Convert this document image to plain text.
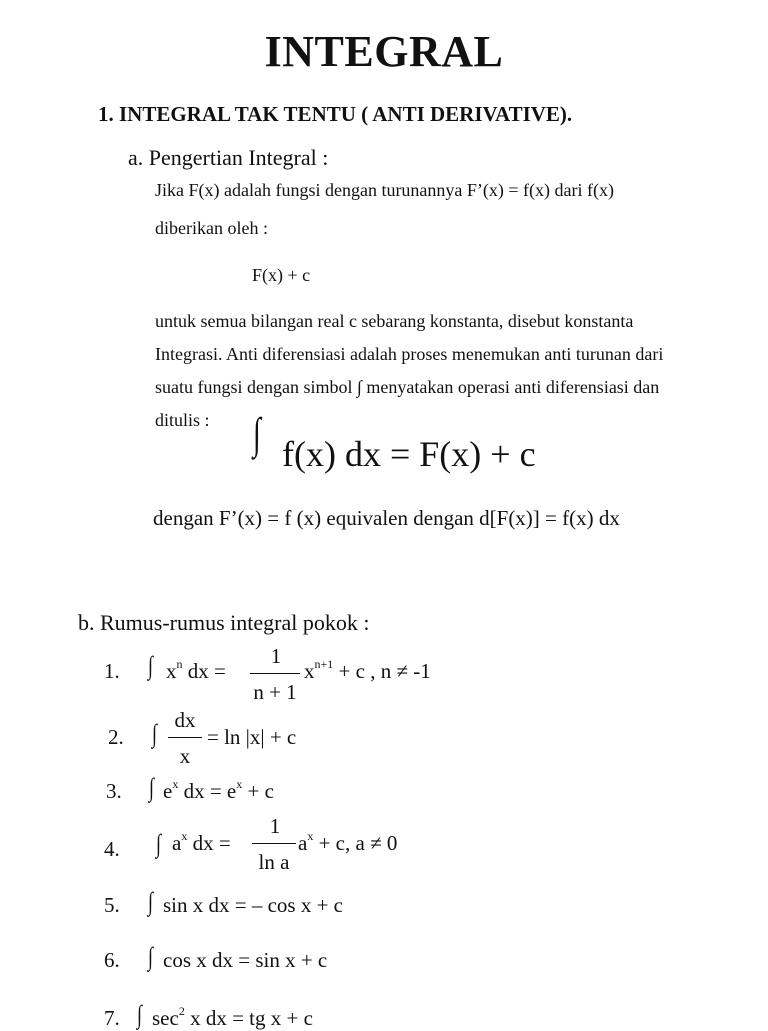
INTEGRAL
1. INTEGRAL TAK TENTU ( ANTI DERIVATIVE).
a. Pengertian Integral :
Jika F(x) adalah fungsi dengan turunannya F’(x) = f(x) dari f(x)
diberikan oleh :
F(x) + c
untuk semua bilangan real c sebarang konstanta, disebut konstanta
Integrasi. Anti diferensiasi adalah proses menemukan anti turunan dari
suatu fungsi dengan simbol ∫ menyatakan operasi anti diferensiasi dan
ditulis : ∫ f(x) dx = F(x) + c
dengan F’(x) = f (x) equivalen dengan d[F(x)] = f(x) dx
b. Rumus-rumus integral pokok :
1. ∫ $x^n$ dx =
1
n + 1
$x^{n+1} + c$ , n ≠ -1
2. ∫ dx
x
= ln |x| + c
3. ∫ $e^x$ dx = $e^x + c$
4. ∫ $a^x$ dx =
1
ln a
$a^x + c$, a ≠ 0
5. ∫ sin x dx = – cos x + c
6. ∫ cos x dx = sin x + c
7. ∫ $\sec^2 x$ dx = tg x + c
